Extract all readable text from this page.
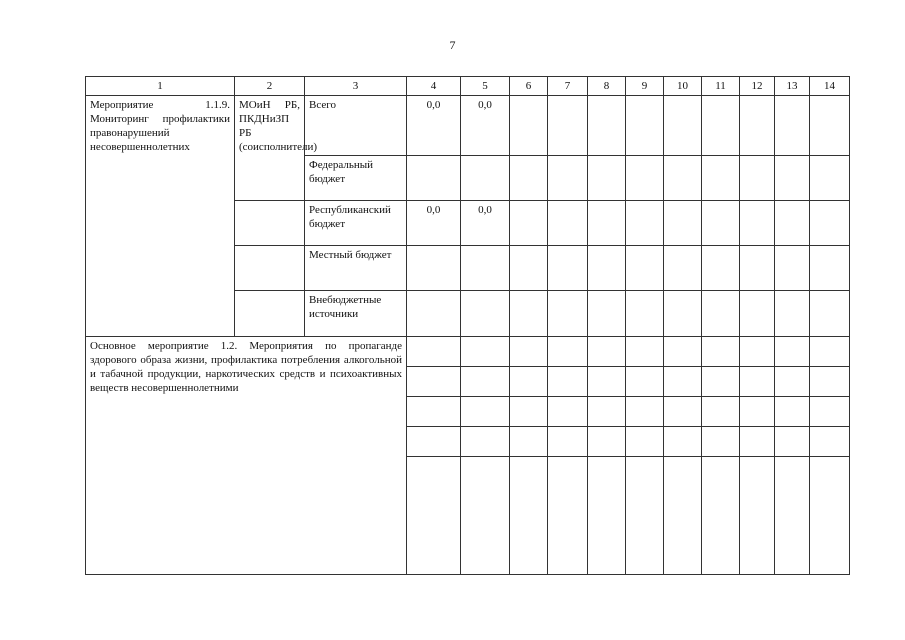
7
1	2	3	4	5	6	7	8	9	10	11	12	13	14
Мероприятие 1.1.9. Мониторинг профилактики правонарушений несовершеннолетних	МОиН РБ, ПКДНиЗП РБ (соисполнители)	Всего	0,0	0,0									
		Федеральный бюджет											
		Республиканский бюджет	0,0	0,0									
		Местный бюджет											
		Внебюджетные источники											
Основное мероприятие 1.2. Мероприятия по пропаганде здорового образа жизни, профилактика потребления алкогольной и табачной продукции, наркотических средств и психоактивных веществ несовершеннолетними													
